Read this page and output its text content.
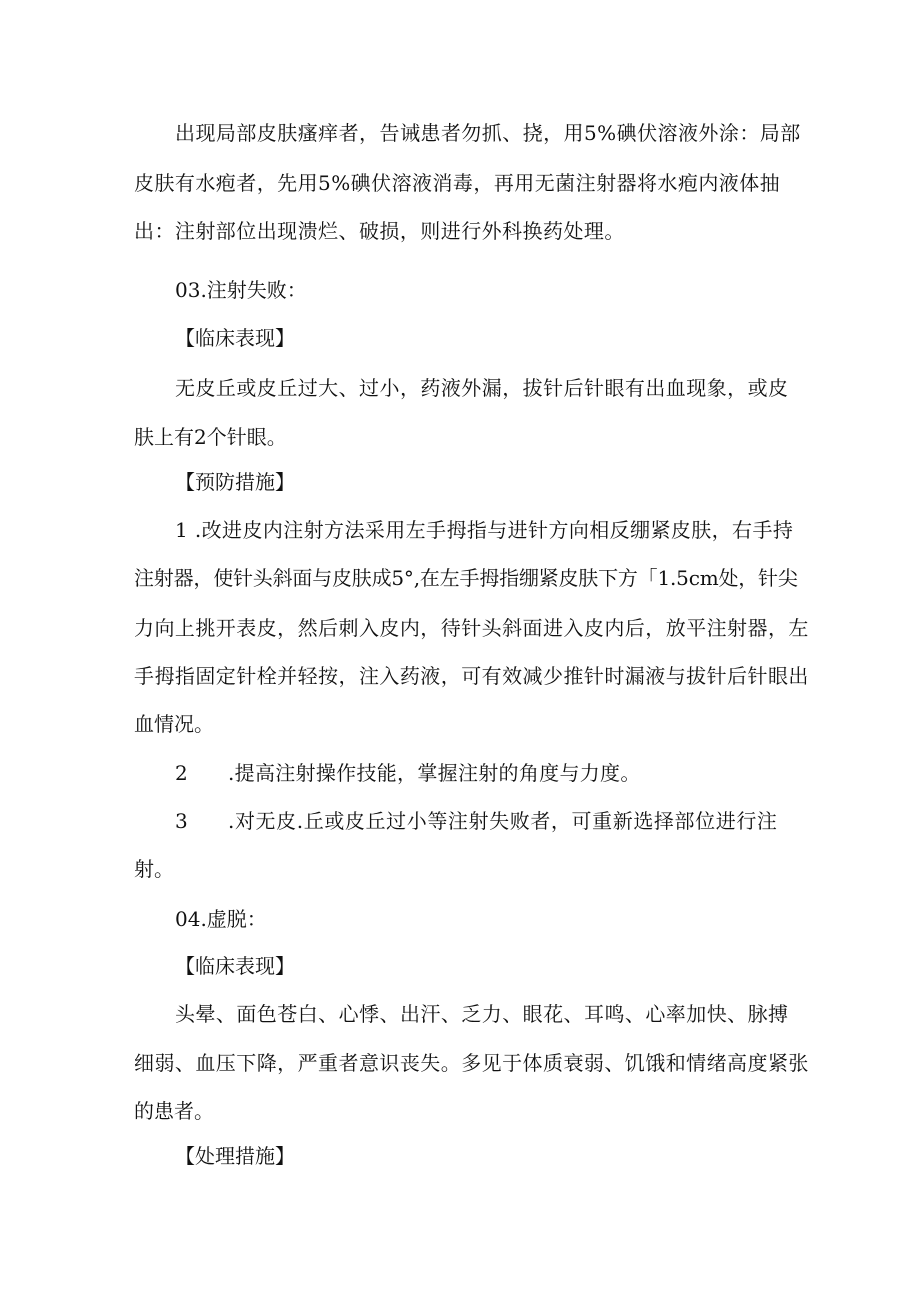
出现局部皮肤瘙痒者，告诫患者勿抓、挠，用5%碘伏溶液外涂：局部
皮肤有水疱者，先用5%碘伏溶液消毒，再用无菌注射器将水疱内液体抽
出：注射部位出现溃烂、破损，则进行外科换药处理。
03.注射失败：
【临床表现】
无皮丘或皮丘过大、过小，药液外漏，拔针后针眼有出血现象，或皮
肤上有2个针眼。
【预防措施】
1 .改进皮内注射方法采用左手拇指与进针方向相反绷紧皮肤，右手持
注射器，使针头斜面与皮肤成5°,在左手拇指绷紧皮肤下方「1.5cm处，针尖
力向上挑开表皮，然后刺入皮内，待针头斜面进入皮内后，放平注射器，左
手拇指固定针栓并轻按，注入药液，可有效减少推针时漏液与拔针后针眼出
血情况。
2 .提高注射操作技能，掌握注射的角度与力度。
3 .对无皮.丘或皮丘过小等注射失败者，可重新选择部位进行注
射。
04.虚脱：
【临床表现】
头晕、面色苍白、心悸、出汗、乏力、眼花、耳鸣、心率加快、脉搏
细弱、血压下降，严重者意识丧失。多见于体质衰弱、饥饿和情绪高度紧张
的患者。
【处理措施】
